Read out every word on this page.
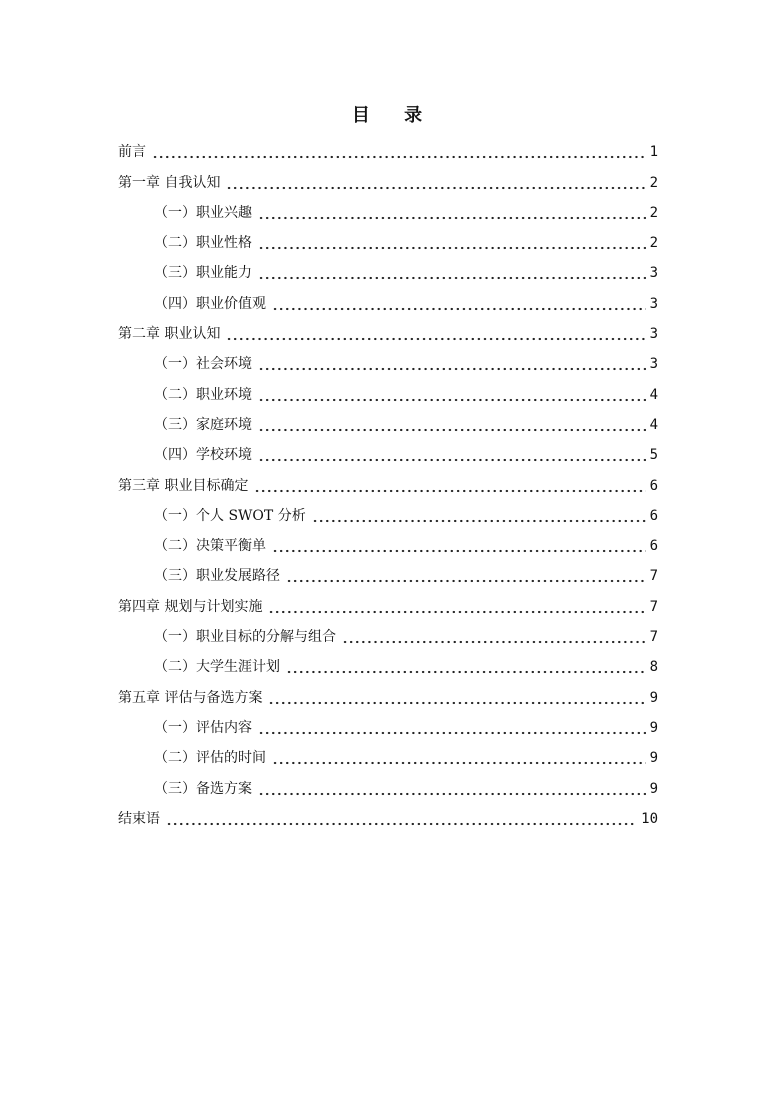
目 录
前言	1
第一章 自我认知	2
（一）职业兴趣	2
（二）职业性格	2
（三）职业能力	3
（四）职业价值观	3
第二章 职业认知	3
（一）社会环境	3
（二）职业环境	4
（三）家庭环境	4
（四）学校环境	5
第三章 职业目标确定	6
（一）个人 SWOT 分析	6
（二）决策平衡单	6
（三）职业发展路径	7
第四章 规划与计划实施	7
（一）职业目标的分解与组合	7
（二）大学生涯计划	8
第五章 评估与备选方案	9
（一）评估内容	9
（二）评估的时间	9
（三）备选方案	9
结束语	10
